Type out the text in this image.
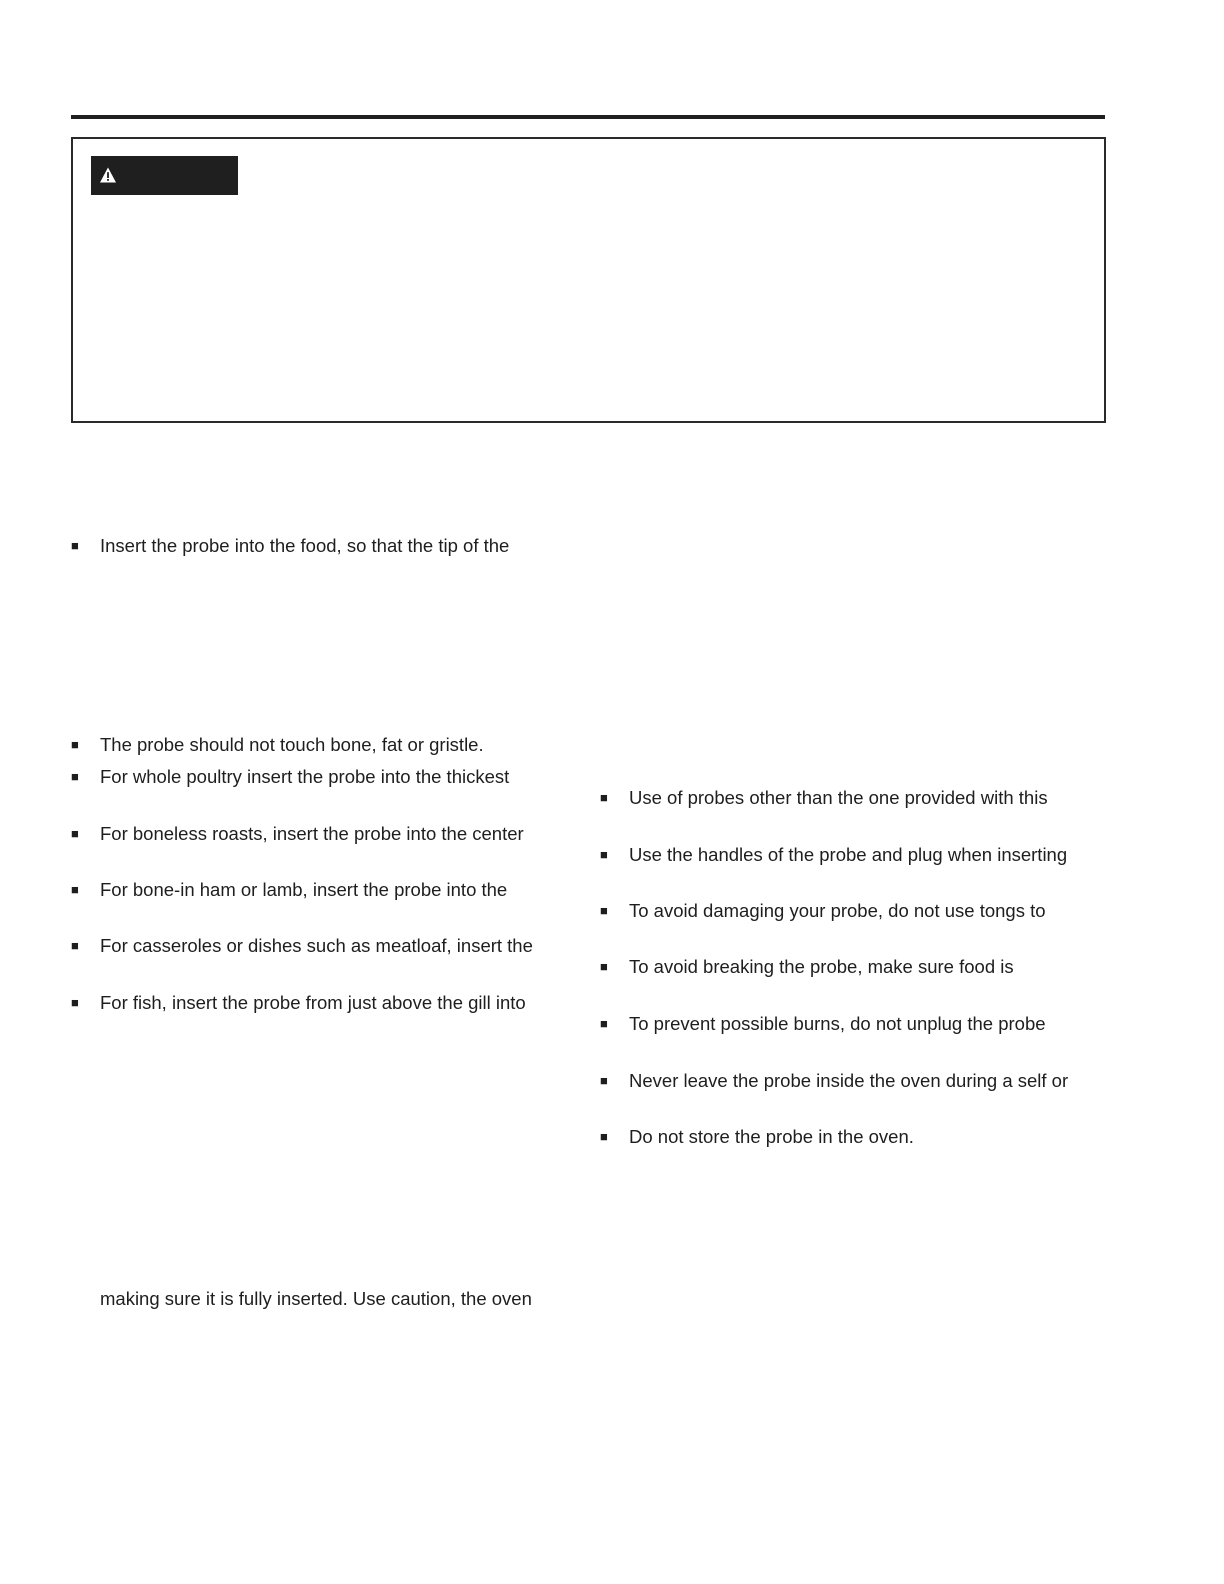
■ Insert the probe into the food, so that the tip of the
■ The probe should not touch bone, fat or gristle.
■ For whole poultry insert the probe into the thickest
■ For boneless roasts, insert the probe into the center
■ For bone-in ham or lamb, insert the probe into the
■ For casseroles or dishes such as meatloaf, insert the
■ For fish, insert the probe from just above the gill into
making sure it is fully inserted. Use caution, the oven
■ Use of probes other than the one provided with this
■ Use the handles of the probe and plug when inserting
■ To avoid damaging your probe, do not use tongs to
■ To avoid breaking the probe, make sure food is
■ To prevent possible burns, do not unplug the probe
■ Never leave the probe inside the oven during a self or
■ Do not store the probe in the oven.
